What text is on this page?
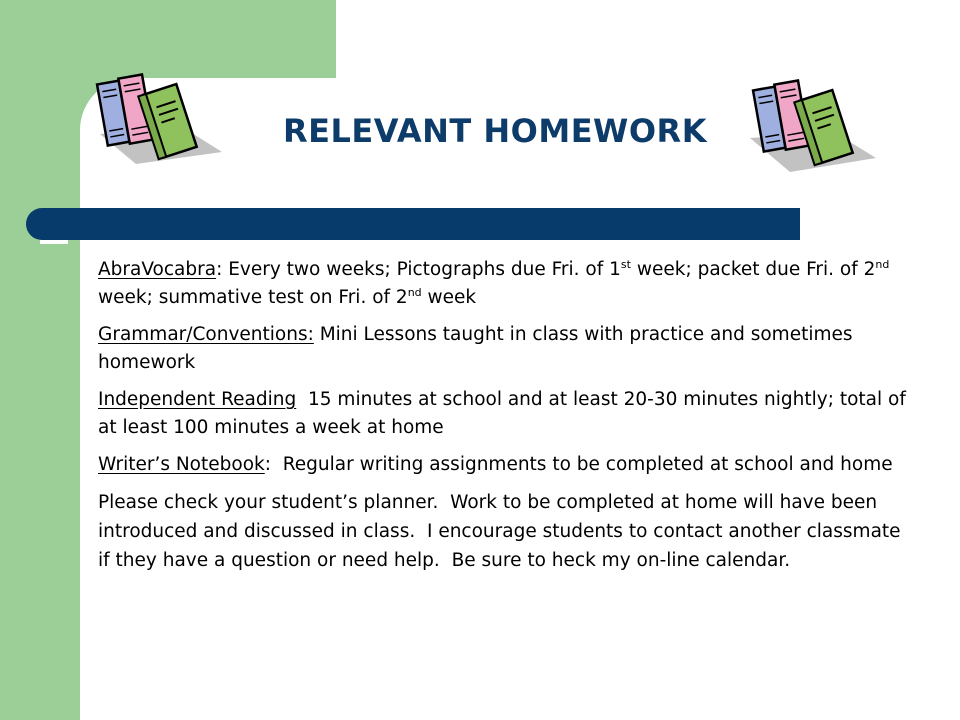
RELEVANT HOMEWORK

AbraVocabra: Every two weeks; Pictographs due Fri. of 1st week; packet due Fri. of 2nd week; summative test on Fri. of 2nd week

Grammar/Conventions: Mini Lessons taught in class with practice and sometimes homework

Independent Reading  15 minutes at school and at least 20-30 minutes nightly; total of at least 100 minutes a week at home

Writer’s Notebook:  Regular writing assignments to be completed at school and home

Please check your student’s planner.  Work to be completed at home will have been introduced and discussed in class.  I encourage students to contact another classmate if they have a question or need help.  Be sure to heck my on-line calendar.
